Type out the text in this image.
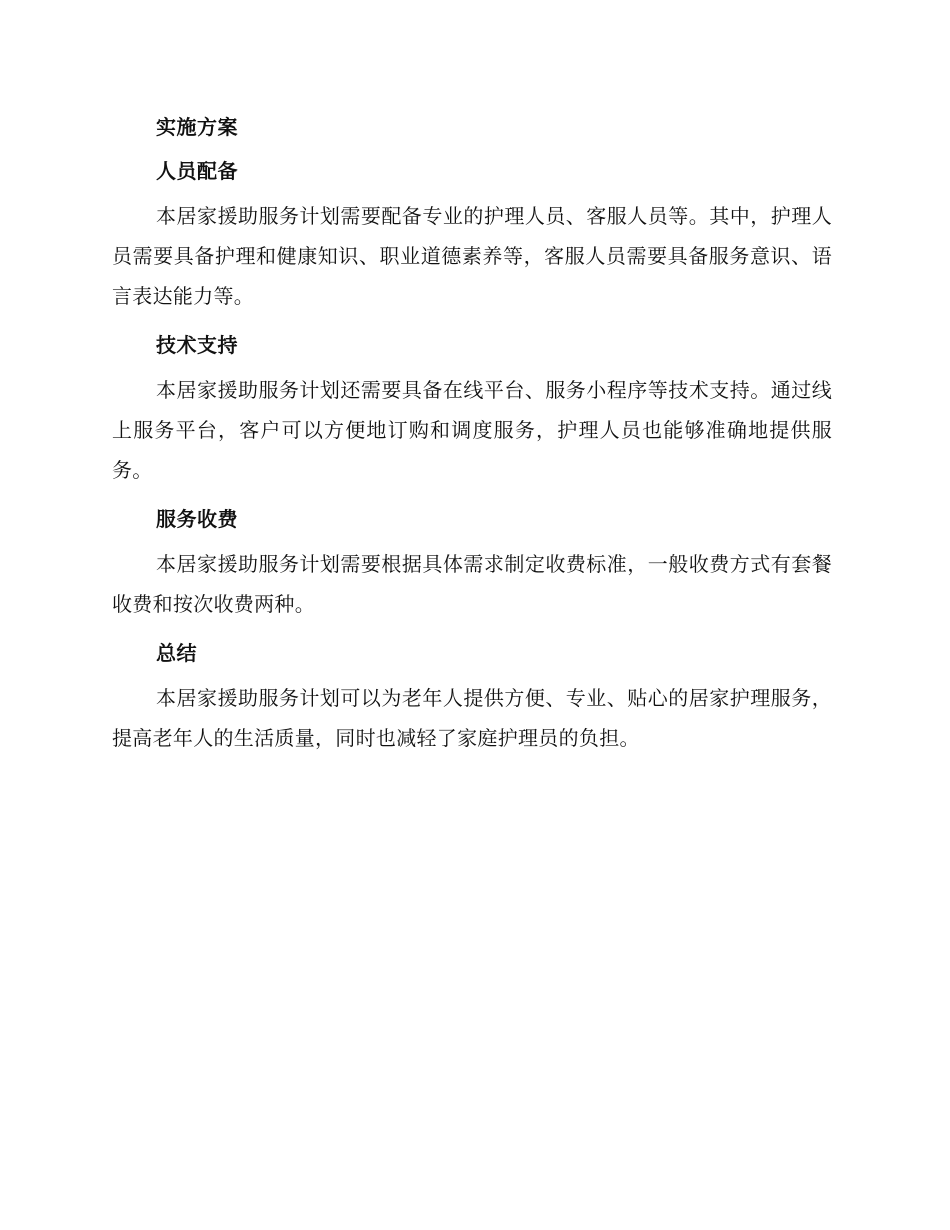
实施方案
人员配备

本居家援助服务计划需要配备专业的护理人员、客服人员等。其中，护理人员需要具备护理和健康知识、职业道德素养等，客服人员需要具备服务意识、语言表达能力等。

技术支持

本居家援助服务计划还需要具备在线平台、服务小程序等技术支持。通过线上服务平台，客户可以方便地订购和调度服务，护理人员也能够准确地提供服务。

服务收费

本居家援助服务计划需要根据具体需求制定收费标准，一般收费方式有套餐收费和按次收费两种。

总结

本居家援助服务计划可以为老年人提供方便、专业、贴心的居家护理服务，提高老年人的生活质量，同时也减轻了家庭护理员的负担。
